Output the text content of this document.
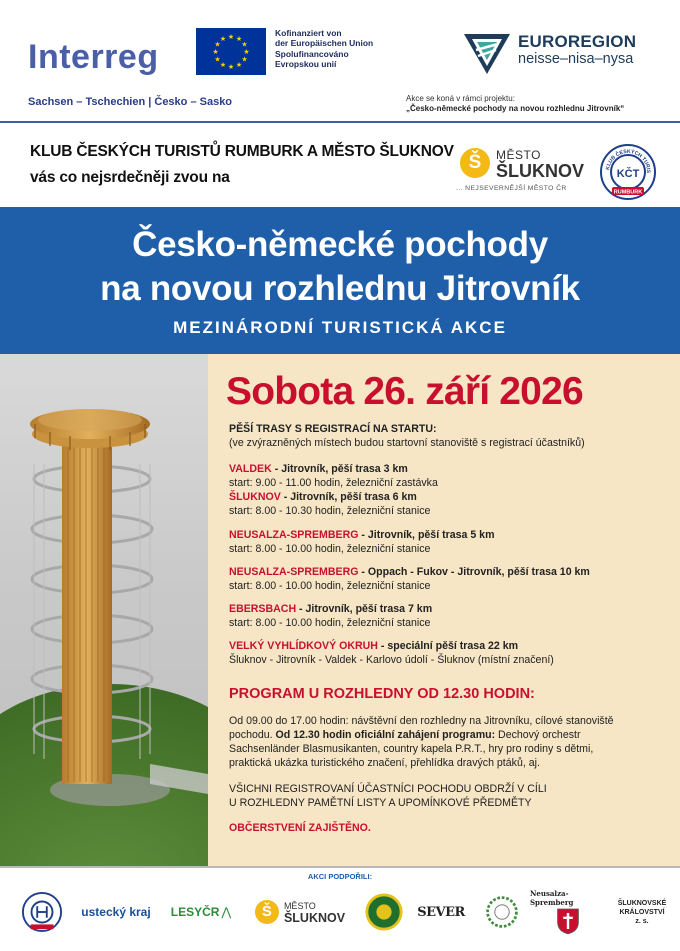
Interreg
★ ★
★
★
★
★
★
★
★
★
★
★
Kofinanziert von
der Europäischen Union
Spolufinancováno
Evropskou unií
EUROREGION
neisse–nisa–nysa
Sachsen – Tschechien | Česko – Sasko	Akce se koná v rámci projektu:
„Česko-německé pochody na novou rozhlednu Jitrovník“
KLUB ČESKÝCH TURISTŮ RUMBURK A MĚSTO ŠLUKNOV
vás co nejsrdečněji zvou na
Š	MĚSTO
ŠLUKNOV
... NEJSEVERNĚJŠÍ MĚSTO ČR
KLUB ČESKÝCH TURIS
KČT
RUMBURK
Česko-německé pochody
na novou rozhlednu Jitrovník
MEZINÁRODNÍ TURISTICKÁ AKCE
Sobota 26. září 2026
PĚŠÍ TRASY S REGISTRACÍ NA STARTU:
(ve zvýrazněných místech budou startovní stanoviště s registrací účastníků)
VALDEK - Jitrovník, pěší trasa 3 km
start: 9.00 - 11.00 hodin, železniční zastávka
ŠLUKNOV - Jitrovník, pěší trasa 6 km
start: 8.00 - 10.30 hodin, železniční stanice
NEUSALZA-SPREMBERG - Jitrovník, pěší trasa 5 km
start: 8.00 - 10.00 hodin, železniční stanice
NEUSALZA-SPREMBERG - Oppach - Fukov - Jitrovník, pěší trasa 10 km
start: 8.00 - 10.00 hodin, železniční stanice
EBERSBACH - Jitrovník, pěší trasa 7 km
start: 8.00 - 10.00 hodin, železniční stanice
VELKÝ VYHLÍDKOVÝ OKRUH - speciální pěší trasa 22 km
Šluknov - Jitrovník - Valdek - Karlovo údolí - Šluknov (místní značení)
PROGRAM U ROZHLEDNY OD 12.30 HODIN:
Od 09.00 do 17.00 hodin: návštěvní den rozhledny na Jitrovníku, cílové stanoviště
pochodu. Od 12.30 hodin oficiální zahájení programu: Dechový orchestr
Sachsenländer Blasmusikanten, country kapela P.R.T., hry pro rodiny s dětmi,
praktická ukázka turistického značení, přehlídka dravých ptáků, aj.
VŠICHNI REGISTROVANÍ ÚČASTNÍCI POCHODU OBDRŽÍ V CÍLI
U ROZHLEDNY PAMĚTNÍ LISTY A UPOMÍNKOVÉ PŘEDMĚTY
OBČERSTVENÍ ZAJIŠTĚNO.
AKCI PODPOŘILI:
ustecký kraj LESYČR ⋀	Š	MĚSTO
ŠLUKNOV	SEVER
Neusalza-Spremberg	ŠLUKNOVSKÉ
KRÁLOVSTVÍ
z. s.
